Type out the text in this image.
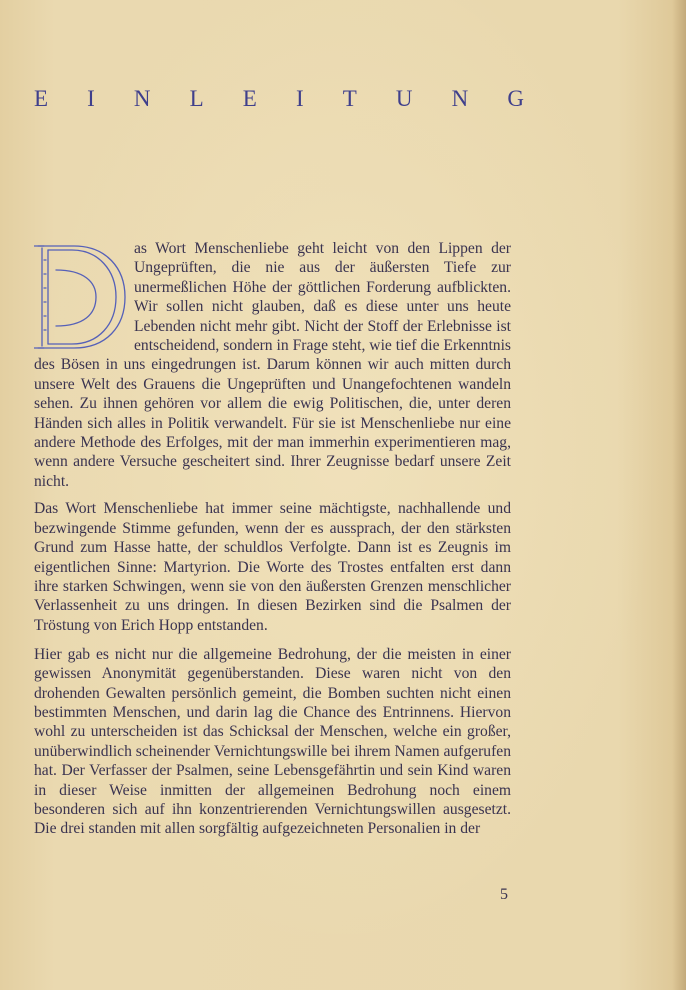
E I N L E I T U N G

as Wort Menschenliebe geht leicht von den Lippen der Ungeprüften, die nie aus der äußersten Tiefe zur unermeßlichen Höhe der göttlichen Forderung aufblickten. Wir sollen nicht glauben, daß es diese unter uns heute Lebenden nicht mehr gibt. Nicht der Stoff der Erlebnisse ist entscheidend, sondern in Frage steht, wie tief die Erkenntnis des Bösen in uns eingedrungen ist. Darum können wir auch mitten durch unsere Welt des Grauens die Ungeprüften und Unangefochtenen wandeln sehen. Zu ihnen gehören vor allem die ewig Politischen, die, unter deren Händen sich alles in Politik verwandelt. Für sie ist Menschenliebe nur eine andere Methode des Erfolges, mit der man immerhin experimentieren mag, wenn andere Versuche gescheitert sind. Ihrer Zeugnisse bedarf unsere Zeit nicht.

Das Wort Menschenliebe hat immer seine mächtigste, nachhallende und bezwingende Stimme gefunden, wenn der es aussprach, der den stärksten Grund zum Hasse hatte, der schuldlos Verfolgte. Dann ist es Zeugnis im eigentlichen Sinne: Martyrion. Die Worte des Trostes entfalten erst dann ihre starken Schwingen, wenn sie von den äußersten Grenzen menschlicher Verlassenheit zu uns dringen. In diesen Bezirken sind die Psalmen der Tröstung von Erich Hopp entstanden.

Hier gab es nicht nur die allgemeine Bedrohung, der die meisten in einer gewissen Anonymität gegenüberstanden. Diese waren nicht von den drohenden Gewalten persönlich gemeint, die Bomben suchten nicht einen bestimmten Menschen, und darin lag die Chance des Entrinnens. Hiervon wohl zu unterscheiden ist das Schicksal der Menschen, welche ein großer, unüberwindlich scheinender Vernichtungswille bei ihrem Namen aufgerufen hat. Der Verfasser der Psalmen, seine Lebensgefährtin und sein Kind waren in dieser Weise inmitten der allgemeinen Bedrohung noch einem besonderen sich auf ihn konzentrierenden Vernichtungswillen ausgesetzt. Die drei standen mit allen sorgfältig aufgezeichneten Personalien in der

5
